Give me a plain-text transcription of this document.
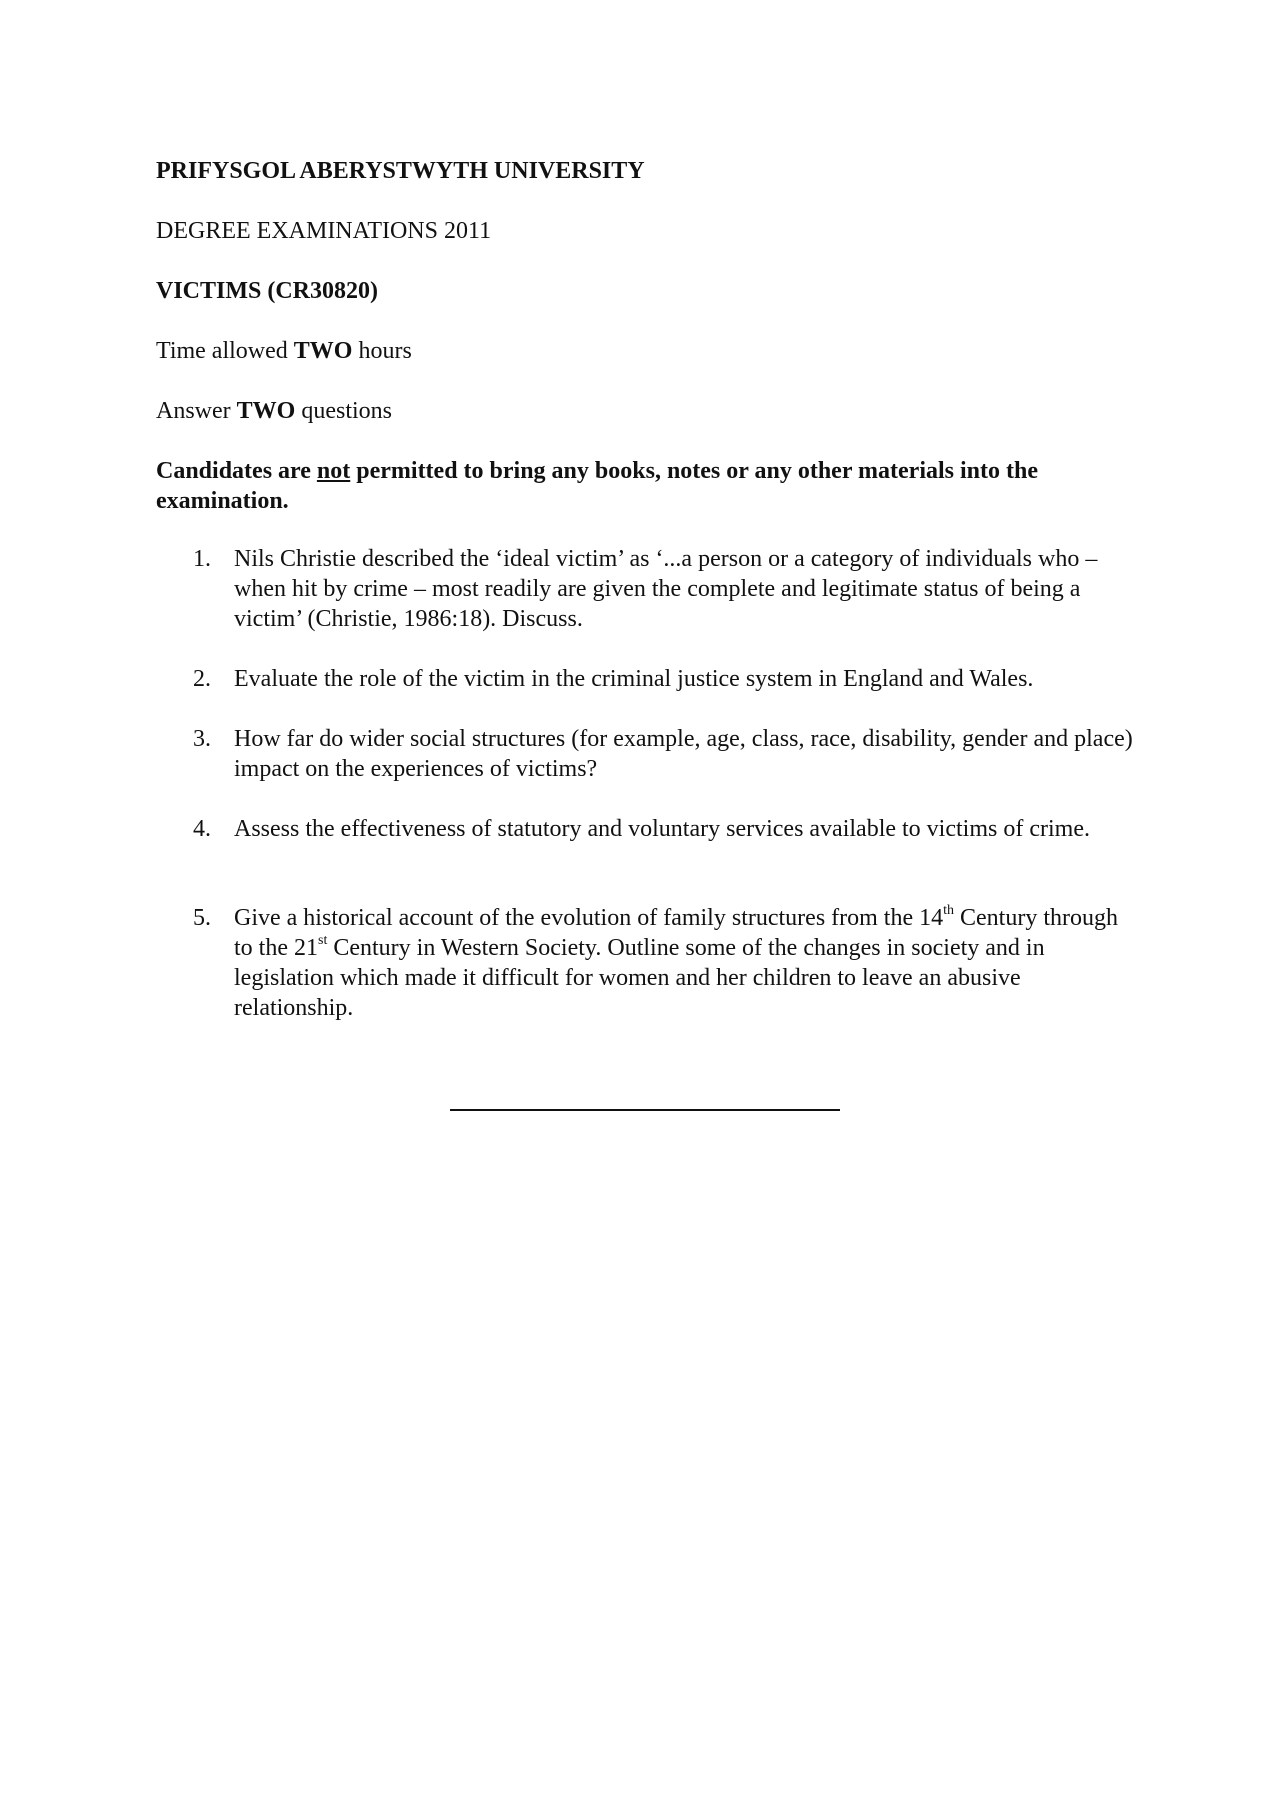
PRIFYSGOL ABERYSTWYTH UNIVERSITY
DEGREE EXAMINATIONS 2011
VICTIMS (CR30820)
Time allowed TWO hours
Answer TWO questions
Candidates are not permitted to bring any books, notes or any other materials into the examination.
1. Nils Christie described the ‘ideal victim’ as ‘...a person or a category of individuals who – when hit by crime – most readily are given the complete and legitimate status of being a victim’ (Christie, 1986:18). Discuss.
2. Evaluate the role of the victim in the criminal justice system in England and Wales.
3. How far do wider social structures (for example, age, class, race, disability, gender and place) impact on the experiences of victims?
4. Assess the effectiveness of statutory and voluntary services available to victims of crime.
5. Give a historical account of the evolution of family structures from the 14th Century through to the 21st Century in Western Society. Outline some of the changes in society and in legislation which made it difficult for women and her children to leave an abusive relationship.
